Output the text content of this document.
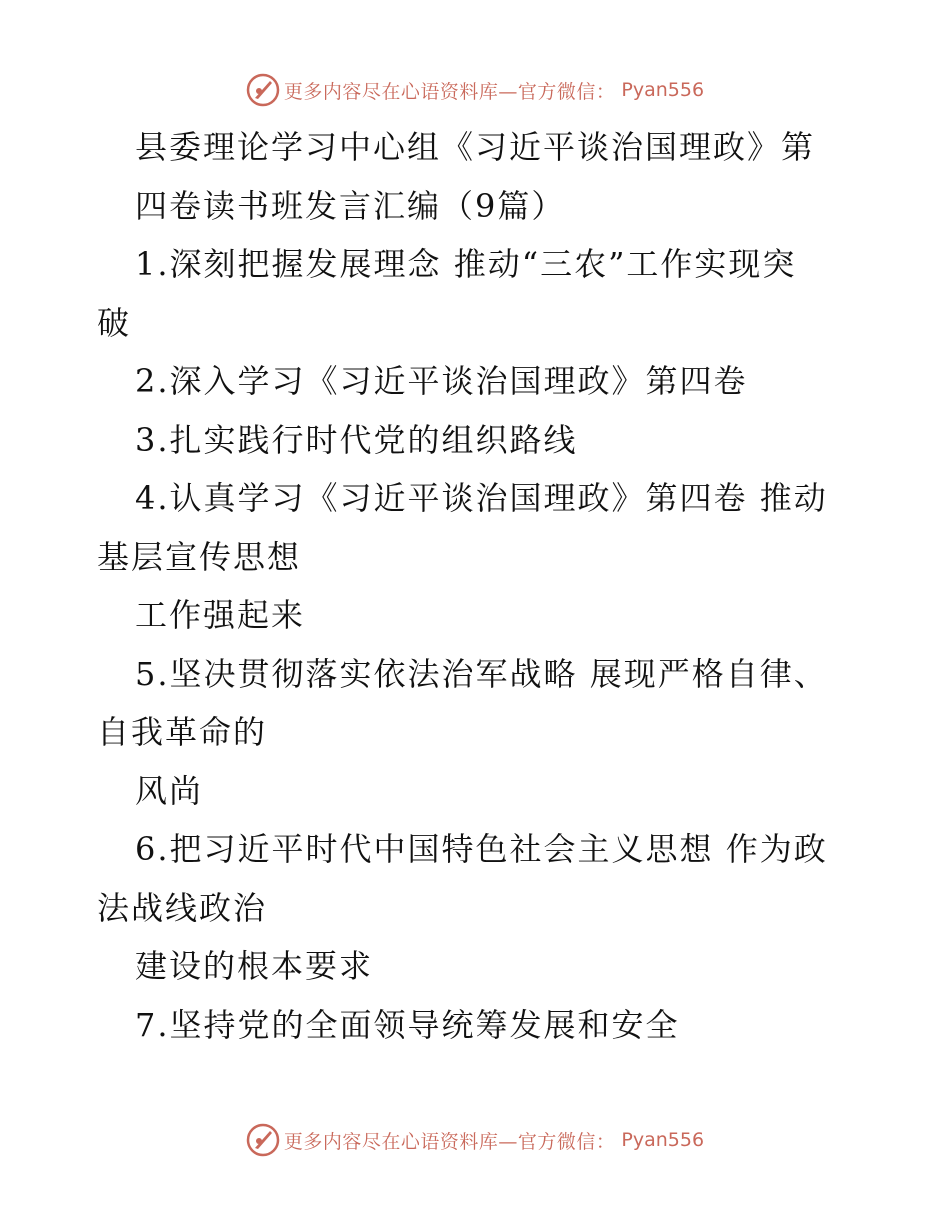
更多内容尽在心语资料库—官方微信： Pyan556
县委理论学习中心组《习近平谈治国理政》第
四卷读书班发言汇编（9篇）
1.深刻把握发展理念 推动“三农”工作实现突
破
2.深入学习《习近平谈治国理政》第四卷
3.扎实践行时代党的组织路线
4.认真学习《习近平谈治国理政》第四卷 推动
基层宣传思想
工作强起来
5.坚决贯彻落实依法治军战略 展现严格自律、
自我革命的
风尚
6.把习近平时代中国特色社会主义思想 作为政
法战线政治
建设的根本要求
7.坚持党的全面领导统筹发展和安全
更多内容尽在心语资料库—官方微信： Pyan556
